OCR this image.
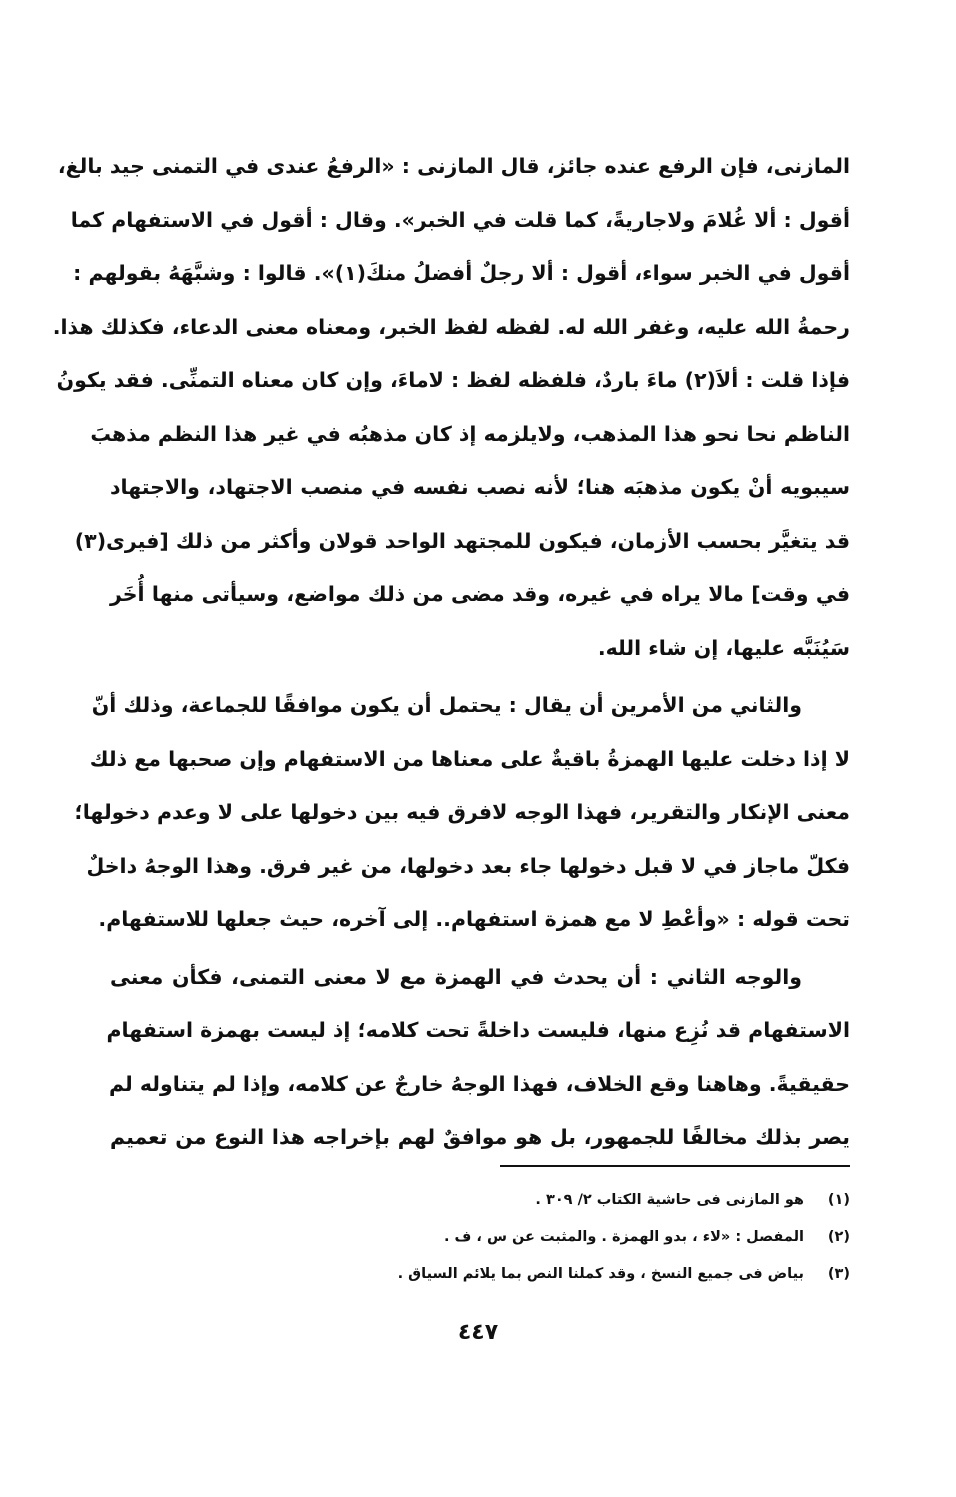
المازنى، فإن الرفع عنده جائز، قال المازنى : «الرفعُ عندى في التمنى جيد بالغ،
أقول : ألا غُلامَ ولاجاريةً، كما قلت في الخبر». وقال : أقول في الاستفهام كما
أقول في الخبر سواء، أقول : ألا رجلٌ أفضلُ منكَ(١)». قالوا : وشبَّهَهُ بقولهم :
رحمةُ الله عليه، وغفر الله له. لفظه لفظ الخبر، ومعناه معنى الدعاء، فكذلك هذا.
فإذا قلت : ألاَ(٢) ماءَ باردٌ، فلفظه لفظ : لاماءَ، وإن كان معناه التمنِّى. فقد يكونُ
الناظم نحا نحو هذا المذهب، ولايلزمه إذ كان مذهبُه في غير هذا النظم مذهبَ
سيبويه أنْ يكون مذهبَه هنا؛ لأنه نصب نفسه في منصب الاجتهاد، والاجتهاد
قد يتغيَّر بحسب الأزمان، فيكون للمجتهد الواحد قولان وأكثر من ذلك [فيرى(٣)
في وقت] مالا يراه في غيره، وقد مضى من ذلك مواضع، وسيأتى منها أُخَر
سَيُنَبَّه عليها، إن شاء الله.
والثاني من الأمرين أن يقال : يحتمل أن يكون موافقًا للجماعة، وذلك أنّ
لا إذا دخلت عليها الهمزةُ باقيةٌ على معناها من الاستفهام وإن صحبها مع ذلك
معنى الإنكار والتقرير، فهذا الوجه لافرق فيه بين دخولها على لا وعدم دخولها؛
فكلّ ماجاز في لا قبل دخولها جاء بعد دخولها، من غير فرق. وهذا الوجهُ داخلٌ
تحت قوله : «وأعْطِ لا مع همزة استفهام.. إلى آخره، حيث جعلها للاستفهام.
والوجه الثاني : أن يحدث في الهمزة مع لا معنى التمنى، فكأن معنى
الاستفهام قد نُزِع منها، فليست داخلةً تحت كلامه؛ إذ ليست بهمزة استفهام
حقيقيةً. وهاهنا وقع الخلاف، فهذا الوجهُ خارجٌ عن كلامه، وإذا لم يتناوله لم
يصر بذلك مخالفًا للجمهور، بل هو موافقٌ لهم بإخراجه هذا النوع من تعميم
(١)
هو المازنى فى حاشية الكتاب ٢/ ٣٠٩ .
(٢)
المفصل : «لاء ، بدو الهمزة . والمثبت عن س ، ف .
(٣)
بياض فى جميع النسخ ، وقد كملنا النص بما يلائم السياق .
٤٤٧
